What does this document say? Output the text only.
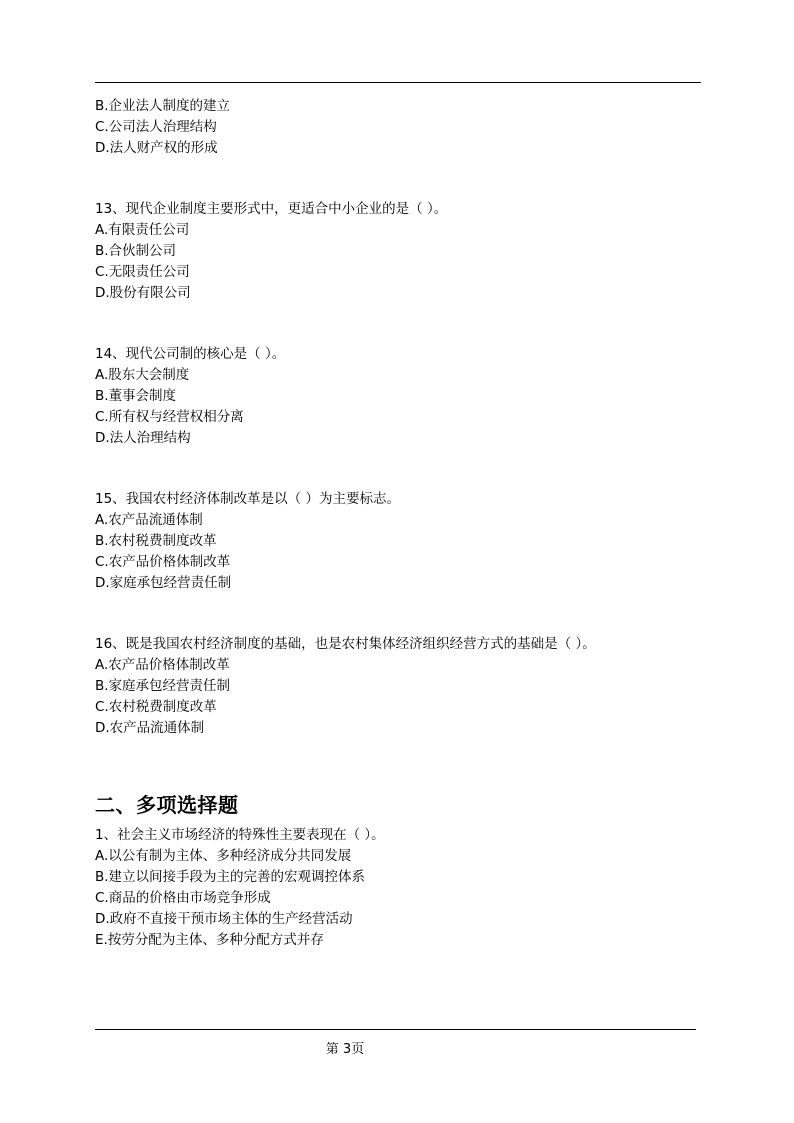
B.企业法人制度的建立
C.公司法人治理结构
D.法人财产权的形成
13、现代企业制度主要形式中，更适合中小企业的是（ ）。
A.有限责任公司
B.合伙制公司
C.无限责任公司
D.股份有限公司
14、现代公司制的核心是（ ）。
A.股东大会制度
B.董事会制度
C.所有权与经营权相分离
D.法人治理结构
15、我国农村经济体制改革是以（ ）为主要标志。
A.农产品流通体制
B.农村税费制度改革
C.农产品价格体制改革
D.家庭承包经营责任制
16、既是我国农村经济制度的基础，也是农村集体经济组织经营方式的基础是（ ）。
A.农产品价格体制改革
B.家庭承包经营责任制
C.农村税费制度改革
D.农产品流通体制
二、多项选择题
1、社会主义市场经济的特殊性主要表现在（ ）。
A.以公有制为主体、多种经济成分共同发展
B.建立以间接手段为主的完善的宏观调控体系
C.商品的价格由市场竞争形成
D.政府不直接干预市场主体的生产经营活动
E.按劳分配为主体、多种分配方式并存
第 3页
